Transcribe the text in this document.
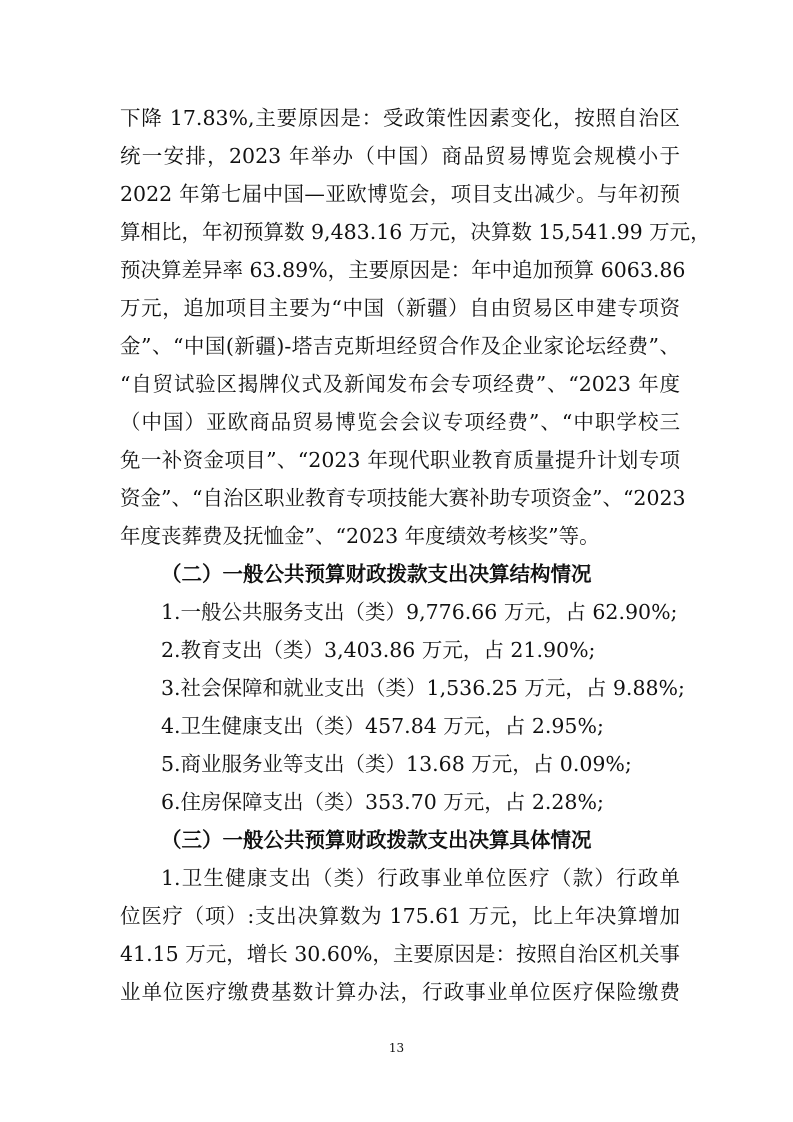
下降 17.83%,主要原因是：受政策性因素变化，按照自治区
统一安排，2023 年举办（中国）商品贸易博览会规模小于
2022 年第七届中国—亚欧博览会，项目支出减少。与年初预
算相比，年初预算数 9,483.16 万元，决算数 15,541.99 万元，
预决算差异率 63.89%，主要原因是：年中追加预算 6063.86
万元，追加项目主要为“中国（新疆）自由贸易区申建专项资
金”、“中国(新疆)-塔吉克斯坦经贸合作及企业家论坛经费”、
“自贸试验区揭牌仪式及新闻发布会专项经费”、“2023 年度
（中国）亚欧商品贸易博览会会议专项经费”、“中职学校三
免一补资金项目”、“2023 年现代职业教育质量提升计划专项
资金”、“自治区职业教育专项技能大赛补助专项资金”、“2023
年度丧葬费及抚恤金”、“2023 年度绩效考核奖”等。
（二）一般公共预算财政拨款支出决算结构情况
1.一般公共服务支出（类）9,776.66 万元，占 62.90%;
2.教育支出（类）3,403.86 万元，占 21.90%;
3.社会保障和就业支出（类）1,536.25 万元，占 9.88%;
4.卫生健康支出（类）457.84 万元，占 2.95%;
5.商业服务业等支出（类）13.68 万元，占 0.09%;
6.住房保障支出（类）353.70 万元，占 2.28%;
（三）一般公共预算财政拨款支出决算具体情况
1.卫生健康支出（类）行政事业单位医疗（款）行政单
位医疗（项）:支出决算数为 175.61 万元，比上年决算增加
41.15 万元，增长 30.60%，主要原因是：按照自治区机关事
业单位医疗缴费基数计算办法，行政事业单位医疗保险缴费
13
